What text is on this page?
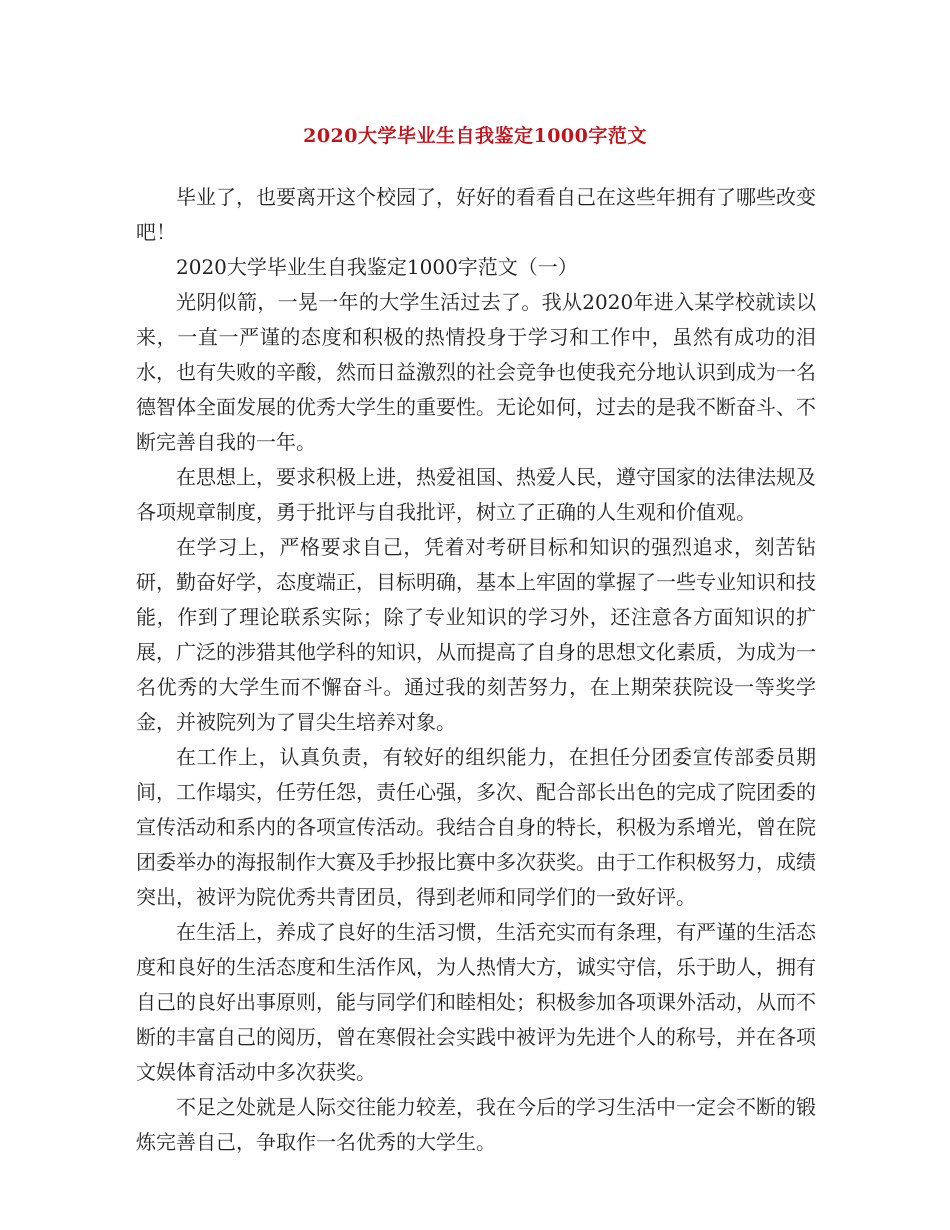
2020大学毕业生自我鉴定1000字范文

毕业了，也要离开这个校园了，好好的看看自己在这些年拥有了哪些改变吧！

2020大学毕业生自我鉴定1000字范文（一）

光阴似箭，一晃一年的大学生活过去了。我从2020年进入某学校就读以来，一直一严谨的态度和积极的热情投身于学习和工作中，虽然有成功的泪水，也有失败的辛酸，然而日益激烈的社会竞争也使我充分地认识到成为一名德智体全面发展的优秀大学生的重要性。无论如何，过去的是我不断奋斗、不断完善自我的一年。

在思想上，要求积极上进，热爱祖国、热爱人民，遵守国家的法律法规及各项规章制度，勇于批评与自我批评，树立了正确的人生观和价值观。

在学习上，严格要求自己，凭着对考研目标和知识的强烈追求，刻苦钻研，勤奋好学，态度端正，目标明确，基本上牢固的掌握了一些专业知识和技能，作到了理论联系实际；除了专业知识的学习外，还注意各方面知识的扩展，广泛的涉猎其他学科的知识，从而提高了自身的思想文化素质，为成为一名优秀的大学生而不懈奋斗。通过我的刻苦努力，在上期荣获院设一等奖学金，并被院列为了冒尖生培养对象。

在工作上，认真负责，有较好的组织能力，在担任分团委宣传部委员期间，工作塌实，任劳任怨，责任心强，多次、配合部长出色的完成了院团委的宣传活动和系内的各项宣传活动。我结合自身的特长，积极为系增光，曾在院团委举办的海报制作大赛及手抄报比赛中多次获奖。由于工作积极努力，成绩突出，被评为院优秀共青团员，得到老师和同学们的一致好评。

在生活上，养成了良好的生活习惯，生活充实而有条理，有严谨的生活态度和良好的生活态度和生活作风，为人热情大方，诚实守信，乐于助人，拥有自己的良好出事原则，能与同学们和睦相处；积极参加各项课外活动，从而不断的丰富自己的阅历，曾在寒假社会实践中被评为先进个人的称号，并在各项文娱体育活动中多次获奖。

不足之处就是人际交往能力较差，我在今后的学习生活中一定会不断的锻炼完善自己，争取作一名优秀的大学生。
